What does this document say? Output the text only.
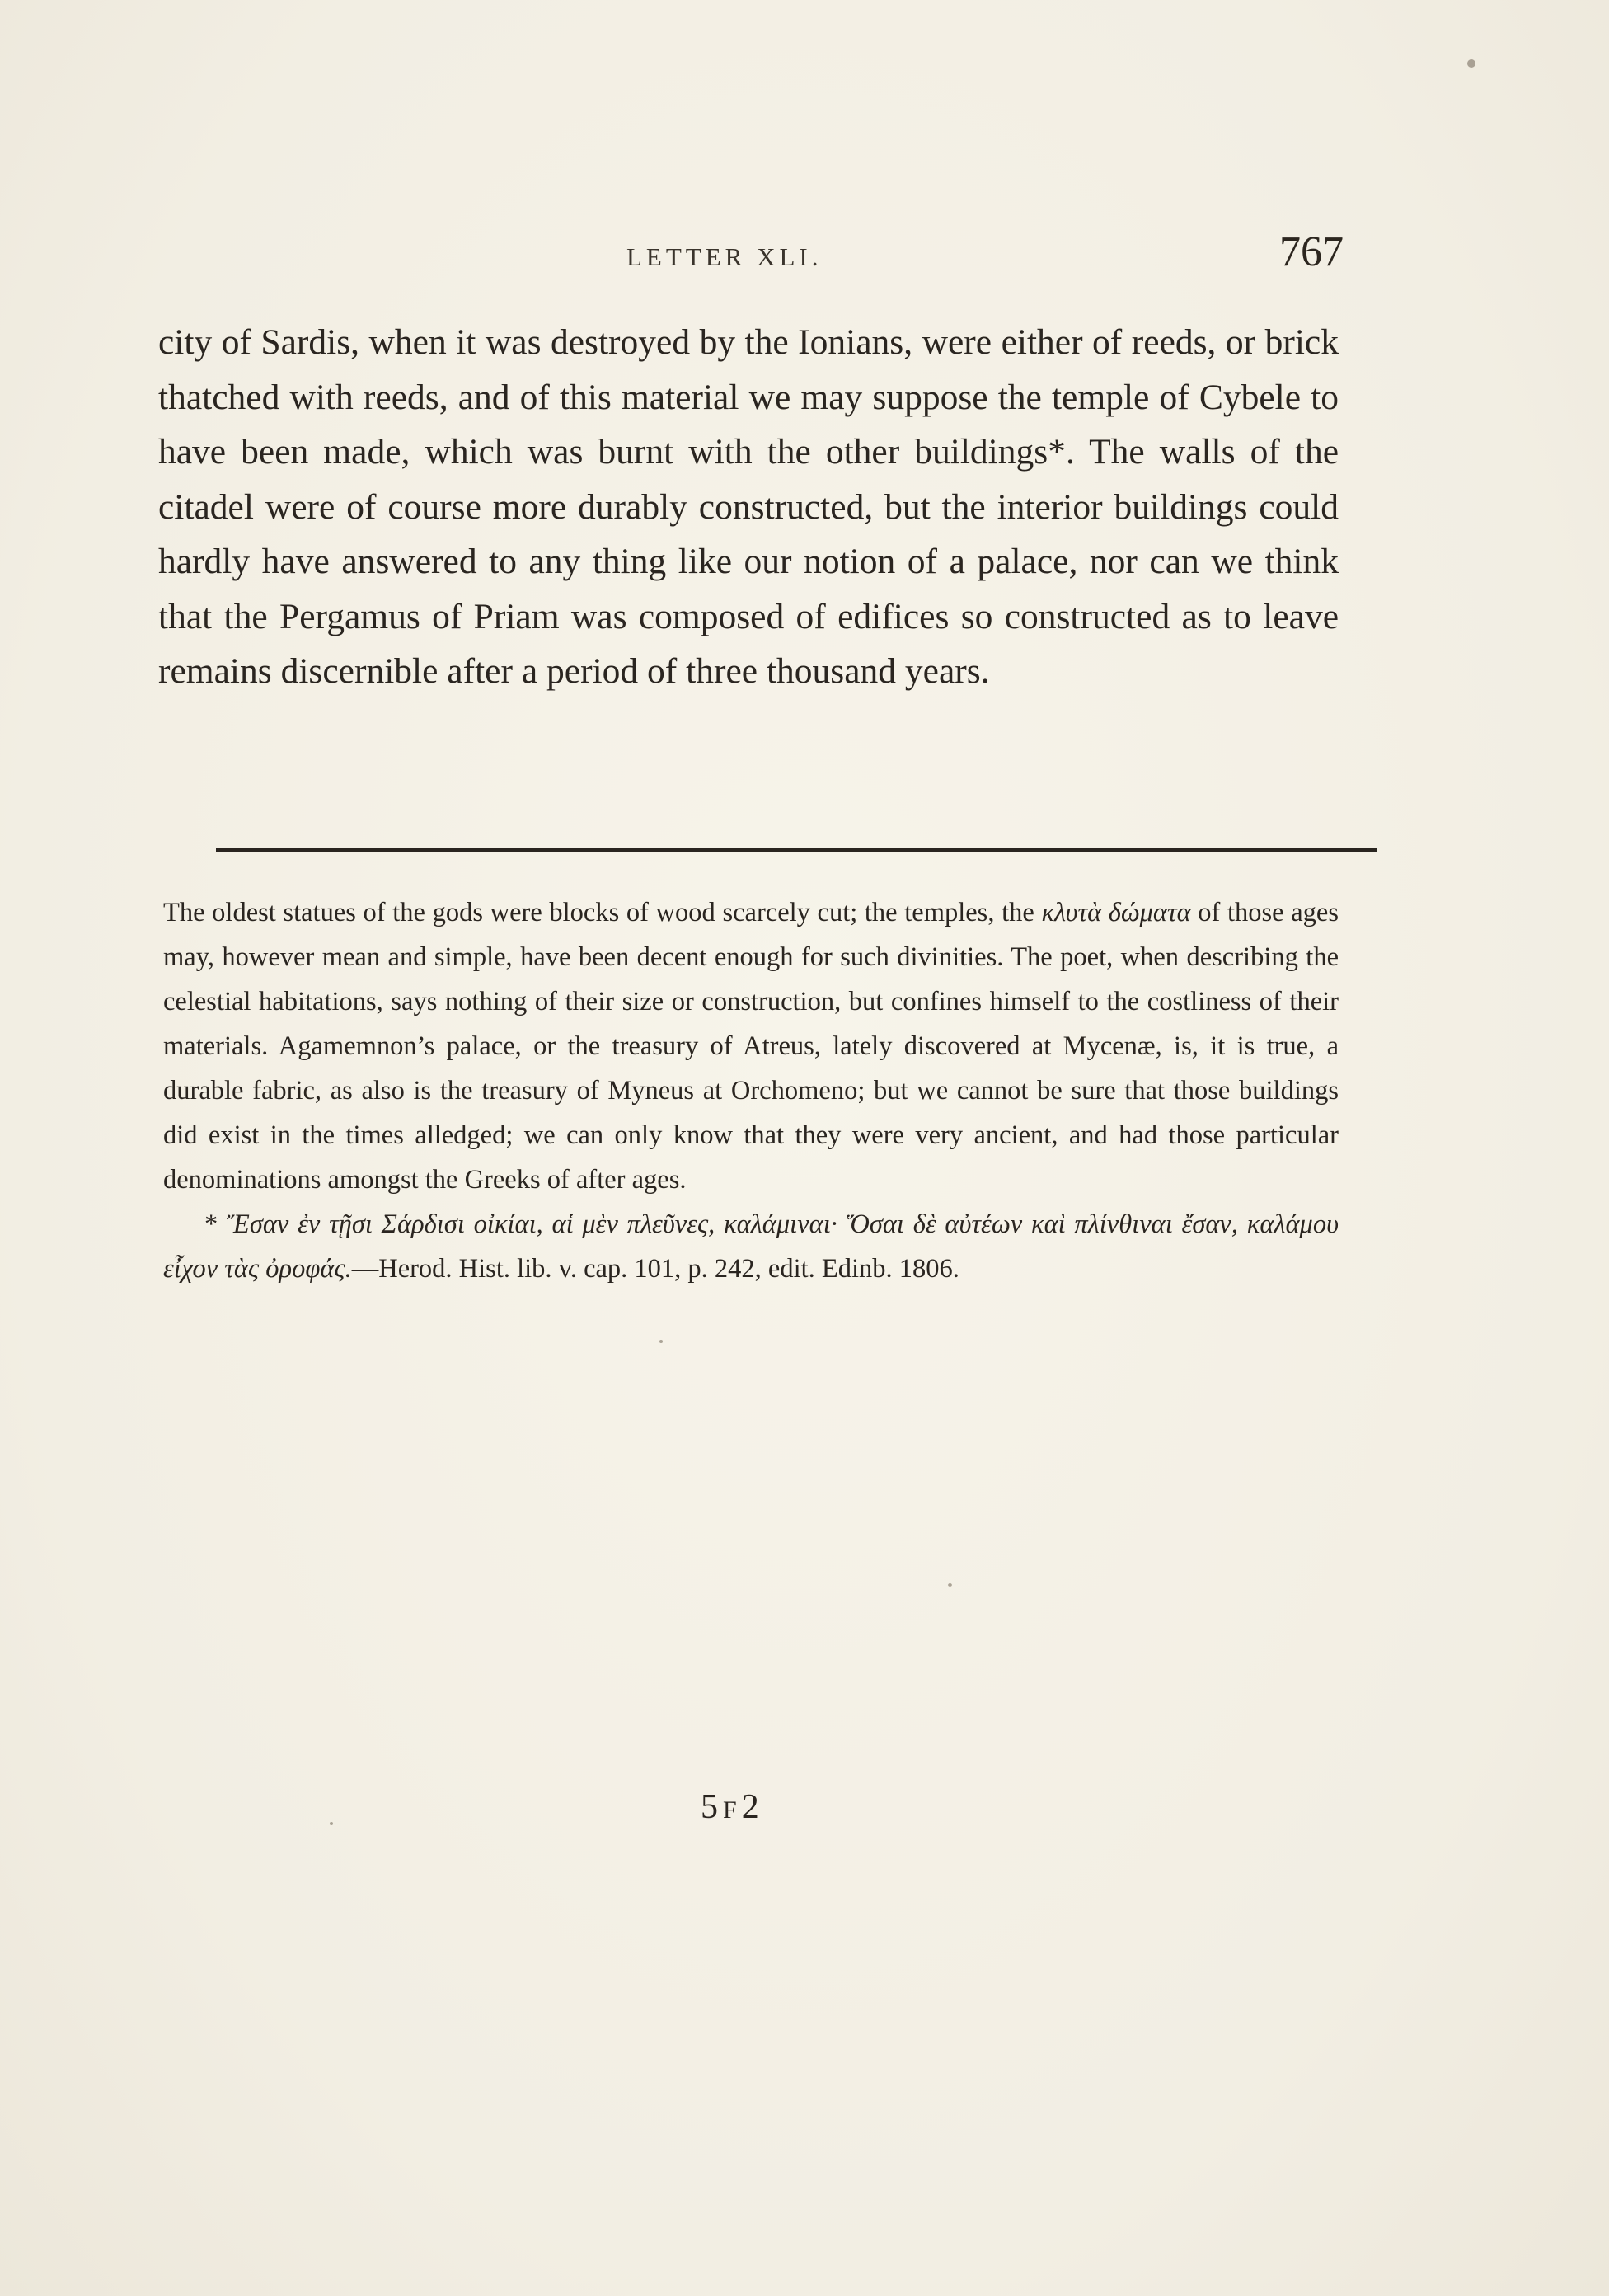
LETTER XLI.	767

city of Sardis, when it was destroyed by the Ionians, were either of reeds, or brick thatched with reeds, and of this material we may suppose the temple of Cybele to have been made, which was burnt with the other buildings*. The walls of the citadel were of course more durably constructed, but the interior buildings could hardly have answered to any thing like our notion of a palace, nor can we think that the Pergamus of Priam was composed of edifices so constructed as to leave remains discernible after a period of three thousand years.

The oldest statues of the gods were blocks of wood scarcely cut; the temples, the κλυτὰ δώματα of those ages may, however mean and simple, have been decent enough for such divinities. The poet, when describing the celestial habitations, says nothing of their size or construction, but confines himself to the costliness of their materials. Agamemnon’s palace, or the treasury of Atreus, lately discovered at Mycenæ, is, it is true, a durable fabric, as also is the treasury of Myneus at Orchomeno; but we cannot be sure that those buildings did exist in the times alledged; we can only know that they were very ancient, and had those particular denominations amongst the Greeks of after ages.

* Ἔσαν ἐν τῇσι Σάρδισι οἰκίαι, αἱ μὲν πλεῦνες, καλάμιναι· Ὅσαι δὲ αὐτέων καὶ πλίνθιναι ἔσαν, καλάμου εἶχον τὰς ὀροφάς.—Herod. Hist. lib. v. cap. 101, p. 242, edit. Edinb. 1806.

5F2
